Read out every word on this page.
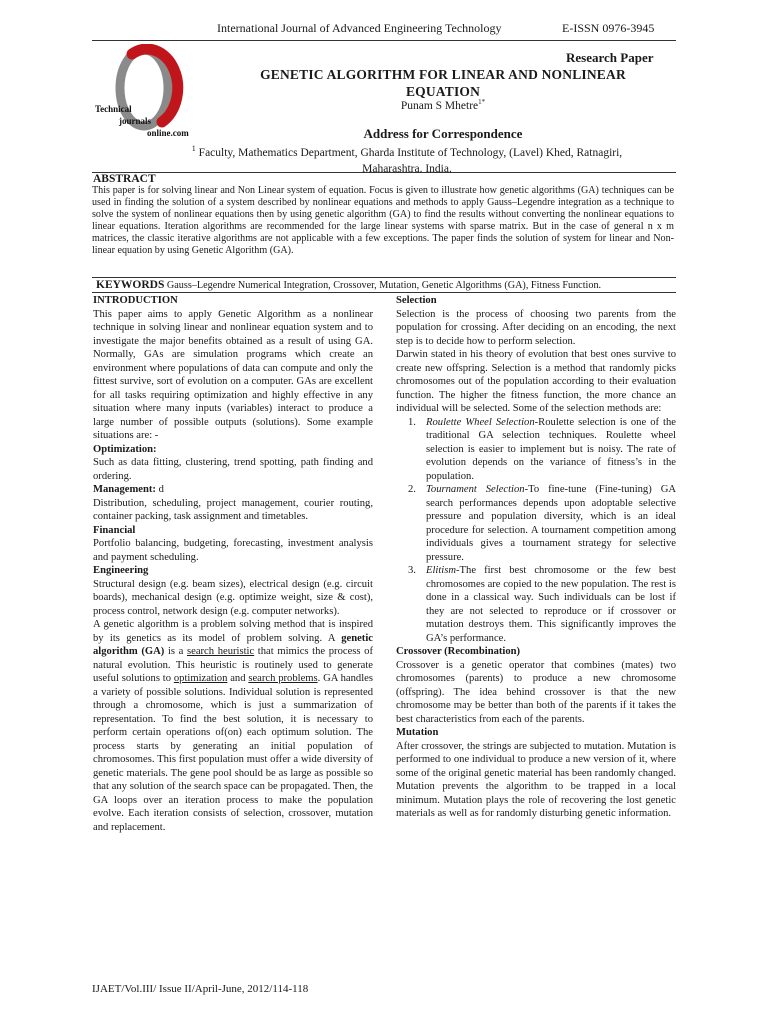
International Journal of Advanced Engineering Technology	E-ISSN 0976-3945
Technical
journals
online.com
Research Paper
GENETIC ALGORITHM FOR LINEAR AND NONLINEAR
EQUATION
Punam S Mhetre$^{1*}$
Address for Correspondence
$^1$ Faculty, Mathematics Department, Gharda Institute of Technology, (Lavel) Khed, Ratnagiri,
Maharashtra. India.
ABSTRACT

This paper is for solving linear and Non Linear system of equation. Focus is given to illustrate how genetic algorithms (GA) techniques can be used in finding the solution of a system described by nonlinear equations and methods to apply Gauss–Legendre integration as a technique to solve the system of nonlinear equations then by using genetic algorithm (GA) to find the results without converting the nonlinear equations to linear equations. Iteration algorithms are recommended for the large linear systems with sparse matrix. But in the case of general n x m matrices, the classic iterative algorithms are not applicable with a few exceptions. The paper finds the solution of system for linear and Non-linear equation by using Genetic Algorithm (GA).

KEYWORDS Gauss–Legendre Numerical Integration, Crossover, Mutation, Genetic Algorithms (GA), Fitness Function.
INTRODUCTION

This paper aims to apply Genetic Algorithm as a nonlinear technique in solving linear and nonlinear equation system and to investigate the major benefits obtained as a result of using GA. Normally, GAs are simulation programs which create an environment where populations of data can compute and only the fittest survive, sort of evolution on a computer. GAs are excellent for all tasks requiring optimization and highly effective in any situation where many inputs (variables) interact to produce a large number of possible outputs (solutions). Some example situations are: -

Optimization:

Such as data fitting, clustering, trend spotting, path finding and ordering.

Management: d

Distribution, scheduling, project management, courier routing, container packing, task assignment and timetables.

Financial

Portfolio balancing, budgeting, forecasting, investment analysis and payment scheduling.

Engineering

Structural design (e.g. beam sizes), electrical design (e.g. circuit boards), mechanical design (e.g. optimize weight, size & cost), process control, network design (e.g. computer networks).

A genetic algorithm is a problem solving method that is inspired by its genetics as its model of problem solving. A genetic algorithm (GA) is a search heuristic that mimics the process of natural evolution. This heuristic is routinely used to generate useful solutions to optimization and search problems. GA handles a variety of possible solutions. Individual solution is represented through a chromosome, which is just a summarization of representation. To find the best solution, it is necessary to perform certain operations of(on) each optimum solution. The process starts by generating an initial population of chromosomes. This first population must offer a wide diversity of genetic materials. The gene pool should be as large as possible so that any solution of the search space can be propagated. Then, the GA loops over an iteration process to make the population evolve. Each iteration consists of selection, crossover, mutation and replacement.

Selection

Selection is the process of choosing two parents from the population for crossing. After deciding on an encoding, the next step is to decide how to perform selection.

Darwin stated in his theory of evolution that best ones survive to create new offspring. Selection is a method that randomly picks chromosomes out of the population according to their evaluation function. The higher the fitness function, the more chance an individual will be selected. Some of the selection methods are:

1. Roulette Wheel Selection-Roulette selection is one of the traditional GA selection techniques. Roulette wheel selection is easier to implement but is noisy. The rate of evolution depends on the variance of fitness’s in the population.
2. Tournament Selection-To fine-tune (Fine-tuning) GA search performances depends upon adoptable selective pressure and population diversity, which is an ideal procedure for selection. A tournament competition among individuals gives a tournament strategy for selective pressure.
3. Elitism-The first best chromosome or the few best chromosomes are copied to the new population. The rest is done in a classical way. Such individuals can be lost if they are not selected to reproduce or if crossover or mutation destroys them. This significantly improves the GA’s performance.
Crossover (Recombination)

Crossover is a genetic operator that combines (mates) two chromosomes (parents) to produce a new chromosome (offspring). The idea behind crossover is that the new chromosome may be better than both of the parents if it takes the best characteristics from each of the parents.

Mutation

After crossover, the strings are subjected to mutation. Mutation is performed to one individual to produce a new version of it, where some of the original genetic material has been randomly changed. Mutation prevents the algorithm to be trapped in a local minimum. Mutation plays the role of recovering the lost genetic materials as well as for randomly disturbing genetic information.

IJAET/Vol.III/ Issue II/April-June, 2012/114-118
